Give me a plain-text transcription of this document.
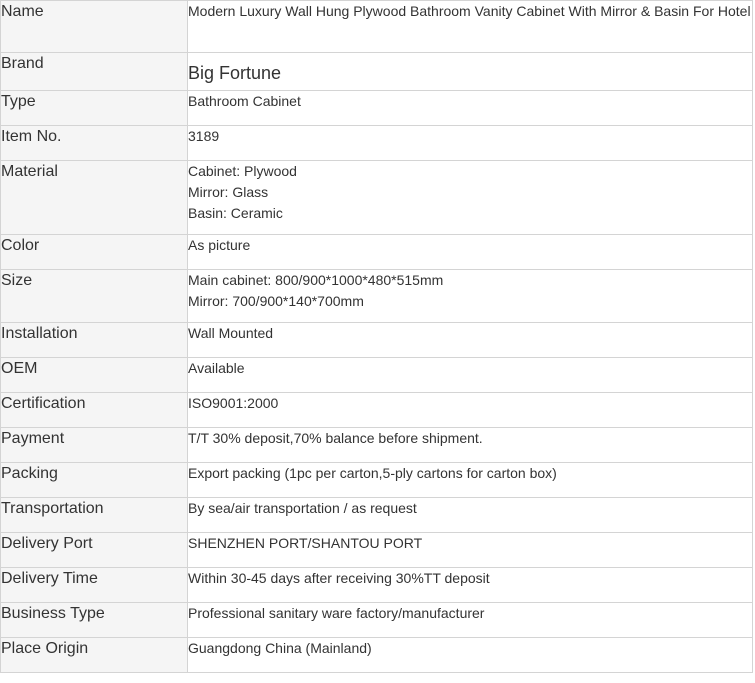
Name	Modern Luxury Wall Hung Plywood Bathroom Vanity Cabinet With Mirror & Basin For Hotel

Brand	Big Fortune

Type	Bathroom Cabinet

Item No.	3189

Material	Cabinet: Plywood
Mirror: Glass
Basin: Ceramic

Color	As picture

Size	Main cabinet: 800/900*1000*480*515mm
Mirror: 700/900*140*700mm

Installation	Wall Mounted

OEM	Available

Certification	ISO9001:2000

Payment	T/T 30% deposit,70% balance before shipment.

Packing	Export packing (1pc per carton,5-ply cartons for carton box)

Transportation	By sea/air transportation / as request

Delivery Port	SHENZHEN PORT/SHANTOU PORT

Delivery Time	Within 30-45 days after receiving 30%TT deposit

Business Type	Professional sanitary ware factory/manufacturer

Place Origin	Guangdong China (Mainland)
